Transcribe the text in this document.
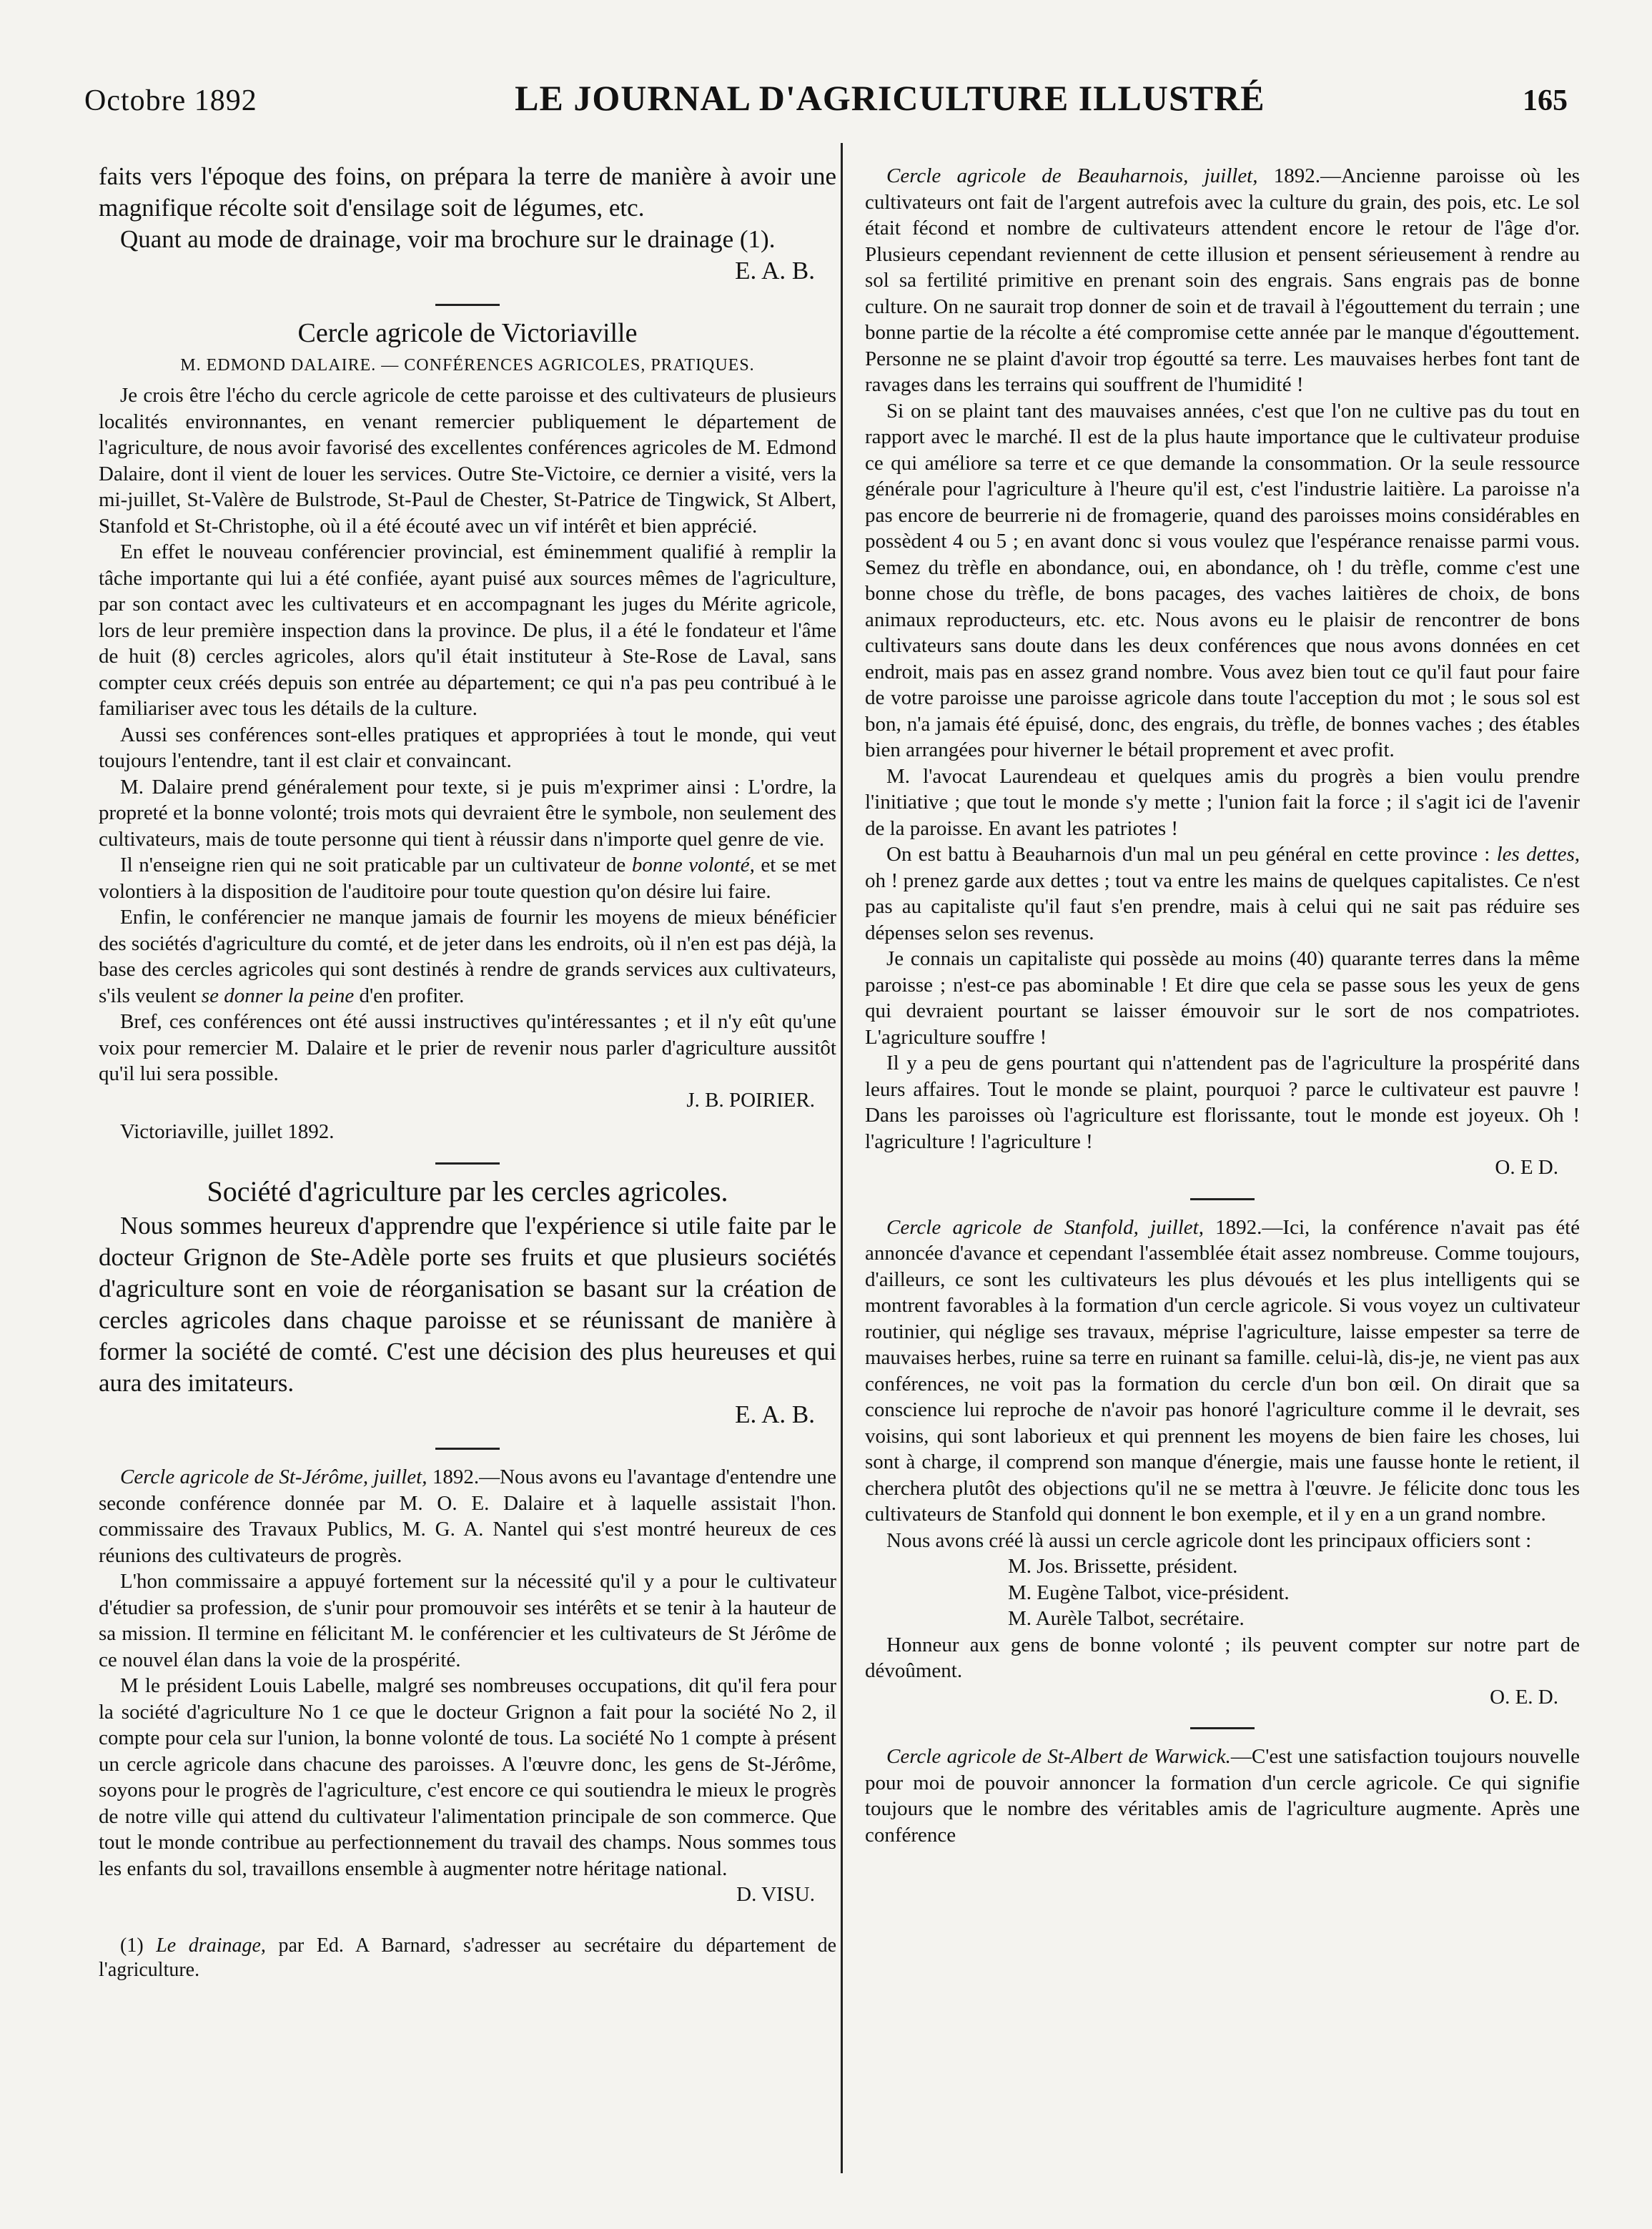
Octobre 1892	LE JOURNAL D'AGRICULTURE ILLUSTRÉ	165

faits vers l'époque des foins, on prépara la terre de manière à avoir une magnifique récolte soit d'ensilage soit de légumes, etc.

Quant au mode de drainage, voir ma brochure sur le drainage (1).

E. A. B.

Cercle agricole de Victoriaville
M. EDMOND DALAIRE. — CONFÉRENCES AGRICOLES, PRATIQUES.

Je crois être l'écho du cercle agricole de cette paroisse et des cultivateurs de plusieurs localités environnantes, en venant remercier publiquement le département de l'agriculture, de nous avoir favorisé des excellentes conférences agricoles de M. Edmond Dalaire, dont il vient de louer les services. Outre Ste-Victoire, ce dernier a visité, vers la mi-juillet, St-Valère de Bulstrode, St-Paul de Chester, St-Patrice de Tingwick, St Albert, Stanfold et St-Christophe, où il a été écouté avec un vif intérêt et bien apprécié.

En effet le nouveau conférencier provincial, est éminemment qualifié à remplir la tâche importante qui lui a été confiée, ayant puisé aux sources mêmes de l'agriculture, par son contact avec les cultivateurs et en accompagnant les juges du Mérite agricole, lors de leur première inspection dans la province. De plus, il a été le fondateur et l'âme de huit (8) cercles agricoles, alors qu'il était instituteur à Ste-Rose de Laval, sans compter ceux créés depuis son entrée au département; ce qui n'a pas peu contribué à le familiariser avec tous les détails de la culture.

Aussi ses conférences sont-elles pratiques et appropriées à tout le monde, qui veut toujours l'entendre, tant il est clair et convaincant.

M. Dalaire prend généralement pour texte, si je puis m'exprimer ainsi : L'ordre, la propreté et la bonne volonté; trois mots qui devraient être le symbole, non seulement des cultivateurs, mais de toute personne qui tient à réussir dans n'importe quel genre de vie.

Il n'enseigne rien qui ne soit praticable par un cultivateur de bonne volonté, et se met volontiers à la disposition de l'auditoire pour toute question qu'on désire lui faire.

Enfin, le conférencier ne manque jamais de fournir les moyens de mieux bénéficier des sociétés d'agriculture du comté, et de jeter dans les endroits, où il n'en est pas déjà, la base des cercles agricoles qui sont destinés à rendre de grands services aux cultivateurs, s'ils veulent se donner la peine d'en profiter.

Bref, ces conférences ont été aussi instructives qu'intéressantes ; et il n'y eût qu'une voix pour remercier M. Dalaire et le prier de revenir nous parler d'agriculture aussitôt qu'il lui sera possible.

J. B. POIRIER.

Victoriaville, juillet 1892.

Société d'agriculture par les cercles agricoles.

Nous sommes heureux d'apprendre que l'expérience si utile faite par le docteur Grignon de Ste-Adèle porte ses fruits et que plusieurs sociétés d'agriculture sont en voie de réorganisation se basant sur la création de cercles agricoles dans chaque paroisse et se réunissant de manière à former la société de comté. C'est une décision des plus heureuses et qui aura des imitateurs.

E. A. B.

Cercle agricole de St-Jérôme, juillet, 1892.—Nous avons eu l'avantage d'entendre une seconde conférence donnée par M. O. E. Dalaire et à laquelle assistait l'hon. commissaire des Travaux Publics, M. G. A. Nantel qui s'est montré heureux de ces réunions des cultivateurs de progrès.

L'hon commissaire a appuyé fortement sur la nécessité qu'il y a pour le cultivateur d'étudier sa profession, de s'unir pour promouvoir ses intérêts et se tenir à la hauteur de sa mission. Il termine en félicitant M. le conférencier et les cultivateurs de St Jérôme de ce nouvel élan dans la voie de la prospérité.

M le président Louis Labelle, malgré ses nombreuses occupations, dit qu'il fera pour la société d'agriculture No 1 ce que le docteur Grignon a fait pour la société No 2, il compte pour cela sur l'union, la bonne volonté de tous. La société No 1 compte à présent un cercle agricole dans chacune des paroisses. A l'œuvre donc, les gens de St-Jérôme, soyons pour le progrès de l'agriculture, c'est encore ce qui soutiendra le mieux le progrès de notre ville qui attend du cultivateur l'alimentation principale de son commerce. Que tout le monde contribue au perfectionnement du travail des champs. Nous sommes tous les enfants du sol, travaillons ensemble à augmenter notre héritage national.

D. VISU.

(1) Le drainage, par Ed. A Barnard, s'adresser au secrétaire du département de l'agriculture.

Cercle agricole de Beauharnois, juillet, 1892.—Ancienne paroisse où les cultivateurs ont fait de l'argent autrefois avec la culture du grain, des pois, etc. Le sol était fécond et nombre de cultivateurs attendent encore le retour de l'âge d'or. Plusieurs cependant reviennent de cette illusion et pensent sérieusement à rendre au sol sa fertilité primitive en prenant soin des engrais. Sans engrais pas de bonne culture. On ne saurait trop donner de soin et de travail à l'égouttement du terrain ; une bonne partie de la récolte a été compromise cette année par le manque d'égouttement. Personne ne se plaint d'avoir trop égoutté sa terre. Les mauvaises herbes font tant de ravages dans les terrains qui souffrent de l'humidité !

Si on se plaint tant des mauvaises années, c'est que l'on ne cultive pas du tout en rapport avec le marché. Il est de la plus haute importance que le cultivateur produise ce qui améliore sa terre et ce que demande la consommation. Or la seule ressource générale pour l'agriculture à l'heure qu'il est, c'est l'industrie laitière. La paroisse n'a pas encore de beurrerie ni de fromagerie, quand des paroisses moins considérables en possèdent 4 ou 5 ; en avant donc si vous voulez que l'espérance renaisse parmi vous. Semez du trèfle en abondance, oui, en abondance, oh ! du trèfle, comme c'est une bonne chose du trèfle, de bons pacages, des vaches laitières de choix, de bons animaux reproducteurs, etc. etc. Nous avons eu le plaisir de rencontrer de bons cultivateurs sans doute dans les deux conférences que nous avons données en cet endroit, mais pas en assez grand nombre. Vous avez bien tout ce qu'il faut pour faire de votre paroisse une paroisse agricole dans toute l'acception du mot ; le sous sol est bon, n'a jamais été épuisé, donc, des engrais, du trèfle, de bonnes vaches ; des étables bien arrangées pour hiverner le bétail proprement et avec profit.

M. l'avocat Laurendeau et quelques amis du progrès a bien voulu prendre l'initiative ; que tout le monde s'y mette ; l'union fait la force ; il s'agit ici de l'avenir de la paroisse. En avant les patriotes !

On est battu à Beauharnois d'un mal un peu général en cette province : les dettes, oh ! prenez garde aux dettes ; tout va entre les mains de quelques capitalistes. Ce n'est pas au capitaliste qu'il faut s'en prendre, mais à celui qui ne sait pas réduire ses dépenses selon ses revenus.

Je connais un capitaliste qui possède au moins (40) quarante terres dans la même paroisse ; n'est-ce pas abominable ! Et dire que cela se passe sous les yeux de gens qui devraient pourtant se laisser émouvoir sur le sort de nos compatriotes. L'agriculture souffre !

Il y a peu de gens pourtant qui n'attendent pas de l'agriculture la prospérité dans leurs affaires. Tout le monde se plaint, pourquoi ? parce le cultivateur est pauvre ! Dans les paroisses où l'agriculture est florissante, tout le monde est joyeux. Oh ! l'agriculture ! l'agriculture !

O. E D.

Cercle agricole de Stanfold, juillet, 1892.—Ici, la conférence n'avait pas été annoncée d'avance et cependant l'assemblée était assez nombreuse. Comme toujours, d'ailleurs, ce sont les cultivateurs les plus dévoués et les plus intelligents qui se montrent favorables à la formation d'un cercle agricole. Si vous voyez un cultivateur routinier, qui néglige ses travaux, méprise l'agriculture, laisse empester sa terre de mauvaises herbes, ruine sa terre en ruinant sa famille. celui-là, dis-je, ne vient pas aux conférences, ne voit pas la formation du cercle d'un bon œil. On dirait que sa conscience lui reproche de n'avoir pas honoré l'agriculture comme il le devrait, ses voisins, qui sont laborieux et qui prennent les moyens de bien faire les choses, lui sont à charge, il comprend son manque d'énergie, mais une fausse honte le retient, il cherchera plutôt des objections qu'il ne se mettra à l'œuvre. Je félicite donc tous les cultivateurs de Stanfold qui donnent le bon exemple, et il y en a un grand nombre.

Nous avons créé là aussi un cercle agricole dont les principaux officiers sont :

M. Jos. Brissette, président.

M. Eugène Talbot, vice-président.

M. Aurèle Talbot, secrétaire.

Honneur aux gens de bonne volonté ; ils peuvent compter sur notre part de dévoûment.

O. E. D.

Cercle agricole de St-Albert de Warwick.—C'est une satisfaction toujours nouvelle pour moi de pouvoir annoncer la formation d'un cercle agricole. Ce qui signifie toujours que le nombre des véritables amis de l'agriculture augmente. Après une conférence
